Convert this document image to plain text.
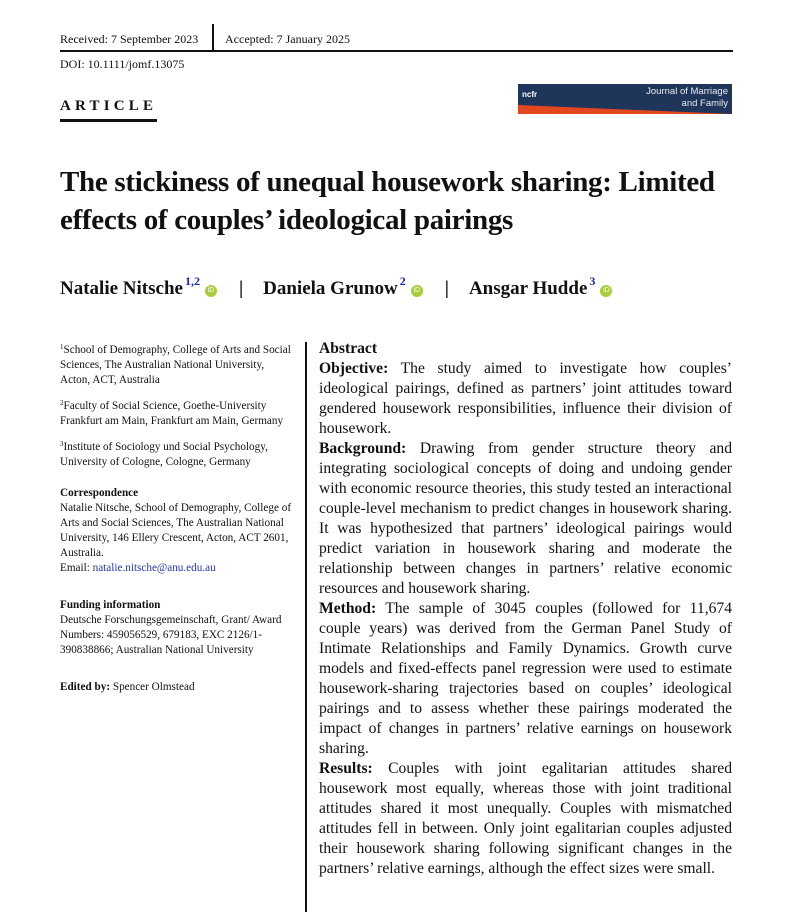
Received: 7 September 2023 Accepted: 7 January 2025
DOI: 10.1111/jomf.13075
ARTICLE
ncfr	Journal of Marriage
and Family
The stickiness of unequal housework sharing: Limited effects of couples’ ideological pairings
Natalie Nitsche $^{1,2}$iD | Daniela Grunow $^2$iD | Ansgar Hudde $^3$iD

$^1$School of Demography, College of Arts and Social Sciences, The Australian National University, Acton, ACT, Australia

$^2$Faculty of Social Science, Goethe-University Frankfurt am Main, Frankfurt am Main, Germany

$^3$Institute of Sociology und Social Psychology, University of Cologne, Cologne, Germany

Correspondence
Natalie Nitsche, School of Demography, College of Arts and Social Sciences, The Australian National University, 146 Ellery Crescent, Acton, ACT 2601, Australia.
Email: natalie.nitsche@anu.edu.au

Funding information
Deutsche Forschungsgemeinschaft, Grant/ Award Numbers: 459056529, 679183, EXC 2126/1-390838866; Australian National University

Edited by: Spencer Olmstead

Abstract

Objective: The study aimed to investigate how couples’ ideological pairings, defined as partners’ joint attitudes toward gendered housework responsibilities, influence their division of housework.

Background: Drawing from gender structure theory and integrating sociological concepts of doing and undoing gender with economic resource theories, this study tested an interactional couple-level mechanism to predict changes in housework sharing. It was hypothesized that partners’ ideological pairings would predict variation in housework sharing and moderate the relationship between changes in partners’ relative economic resources and housework sharing.

Method: The sample of 3045 couples (followed for 11,674 couple years) was derived from the German Panel Study of Intimate Relationships and Family Dynamics. Growth curve models and fixed-effects panel regression were used to estimate housework-sharing trajectories based on couples’ ideological pairings and to assess whether these pairings moderated the impact of changes in partners’ relative earnings on housework sharing.

Results: Couples with joint egalitarian attitudes shared housework most equally, whereas those with joint traditional attitudes shared it most unequally. Couples with mismatched attitudes fell in between. Only joint egalitarian couples adjusted their housework sharing following significant changes in the partners’ relative earnings, although the effect sizes were small.
